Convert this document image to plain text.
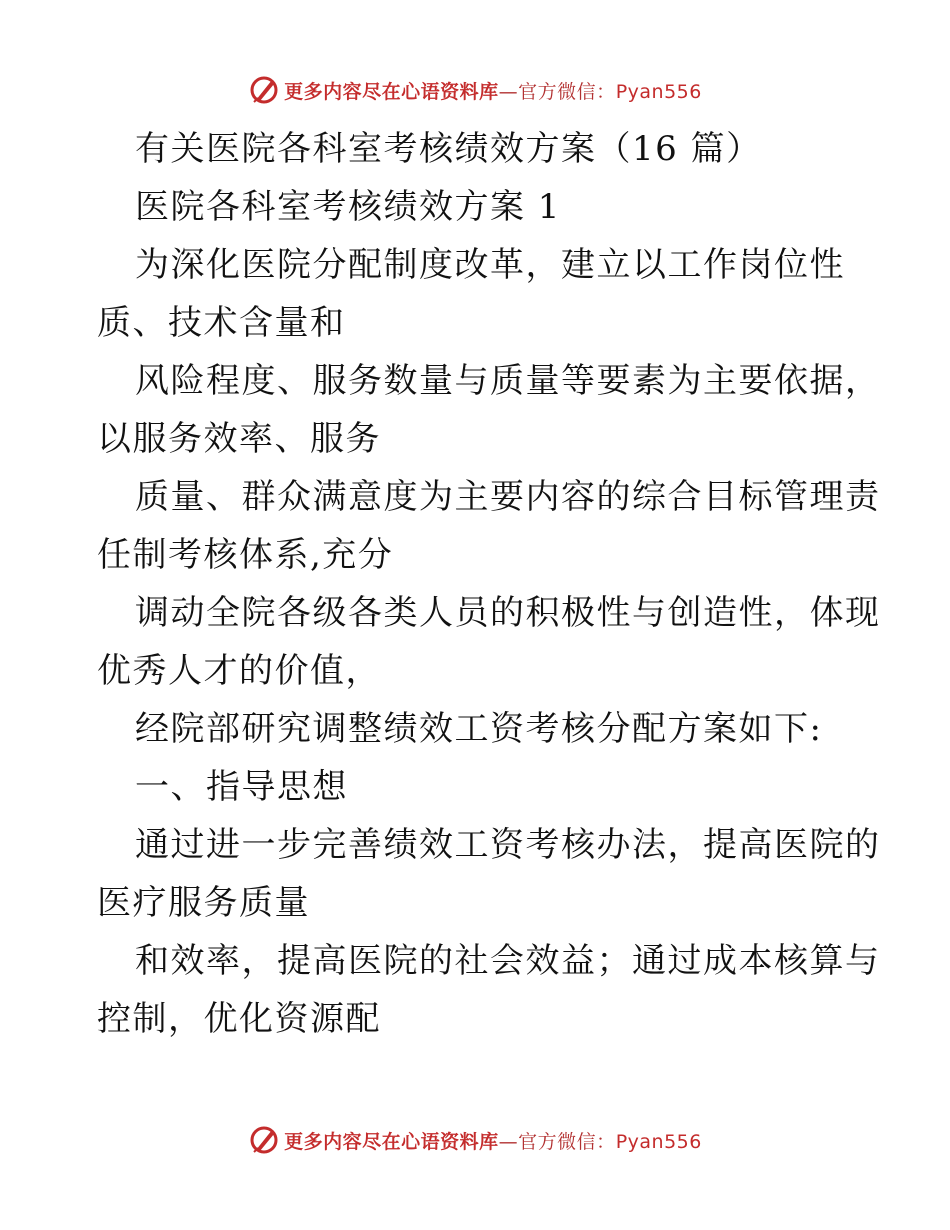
更多内容尽在心语资料库—官方微信：Pyan556
有关医院各科室考核绩效方案（16 篇）
医院各科室考核绩效方案 1
为深化医院分配制度改革，建立以工作岗位性
质、技术含量和
风险程度、服务数量与质量等要素为主要依据，
以服务效率、服务
质量、群众满意度为主要内容的综合目标管理责
任制考核体系,充分
调动全院各级各类人员的积极性与创造性，体现
优秀人才的价值，
经院部研究调整绩效工资考核分配方案如下:
一、指导思想
通过进一步完善绩效工资考核办法，提高医院的
医疗服务质量
和效率，提高医院的社会效益；通过成本核算与
控制，优化资源配
更多内容尽在心语资料库—官方微信：Pyan556
